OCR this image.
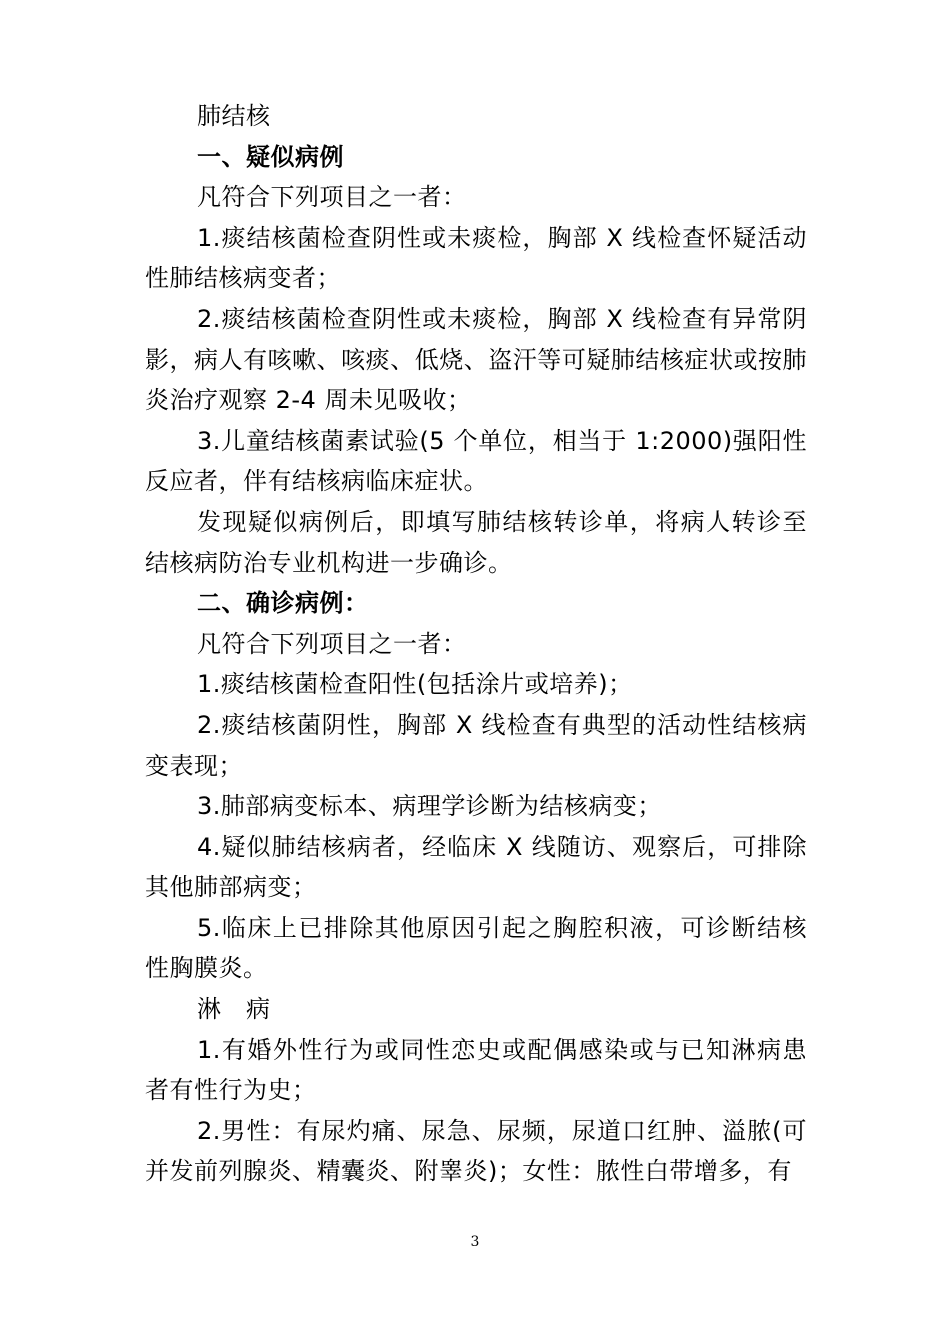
肺结核

一、疑似病例

凡符合下列项目之一者：

1.痰结核菌检查阴性或未痰检，胸部 X 线检查怀疑活动性肺结核病变者；

2.痰结核菌检查阴性或未痰检，胸部 X 线检查有异常阴影，病人有咳嗽、咳痰、低烧、盗汗等可疑肺结核症状或按肺炎治疗观察 2-4 周未见吸收；

3.儿童结核菌素试验(5 个单位，相当于 1:2000)强阳性反应者，伴有结核病临床症状。

发现疑似病例后，即填写肺结核转诊单，将病人转诊至结核病防治专业机构进一步确诊。

二、确诊病例：

凡符合下列项目之一者：

1.痰结核菌检查阳性(包括涂片或培养)；

2.痰结核菌阴性，胸部 X 线检查有典型的活动性结核病变表现；

3.肺部病变标本、病理学诊断为结核病变；

4.疑似肺结核病者，经临床 X 线随访、观察后，可排除其他肺部病变；

5.临床上已排除其他原因引起之胸腔积液，可诊断结核性胸膜炎。

淋　病

1.有婚外性行为或同性恋史或配偶感染或与已知淋病患者有性行为史；

2.男性：有尿灼痛、尿急、尿频，尿道口红肿、溢脓(可并发前列腺炎、精囊炎、附睾炎)；女性：脓性白带增多，有

3
